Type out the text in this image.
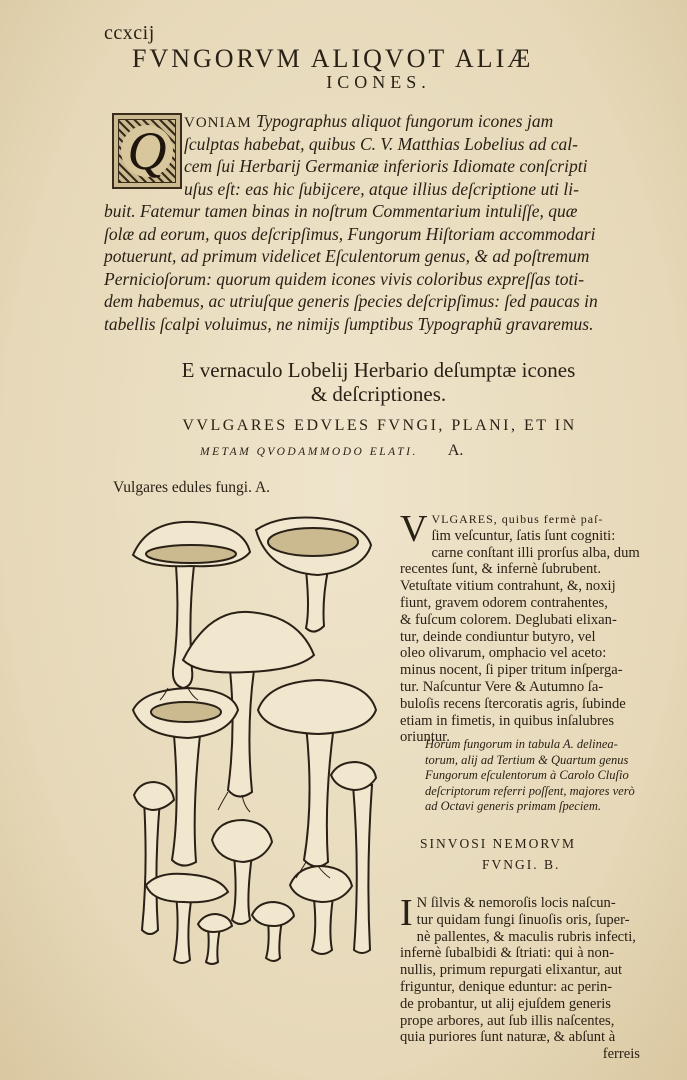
ccxcij
FVNGORVM ALIQVOT ALIÆ
ICONES.
Q	VONIAM Typographus aliquot fungorum icones jam
ſculptas habebat, quibus C. V. Matthias Lobelius ad cal-
cem ſui Herbarij Germaniæ inferioris Idiomate conſcripti
uſus eſt: eas hic ſubijcere, atque illius deſcriptione uti li-
buit. Fatemur tamen binas in noſtrum Commentarium intuliſſe, quæ
ſolæ ad eorum, quos deſcripſimus, Fungorum Hiſtoriam accommodari
potuerunt, ad primum videlicet Eſculentorum genus, & ad poſtremum
Pernicioſorum: quorum quidem icones vivis coloribus expreſſas toti-
dem habemus, ac utriuſque generis ſpecies deſcripſimus: ſed paucas in
tabellis ſcalpi voluimus, ne nimijs ſumptibus Typographũ gravaremus.
E vernaculo Lobelij Herbario deſumptæ icones
& deſcriptiones.
VVLGARES EDVLES FVNGI, PLANI, ET IN
METAM QVODAMMODO ELATI. A.
Vulgares edules fungi. A.
V VLGARES, quibus fermè paſ-
ſim veſcuntur, ſatis ſunt cogniti:
carne conſtant illi prorſus alba, dum
recentes ſunt, & infernè ſubrubent.
Vetuſtate vitium contrahunt, &, noxij
fiunt, gravem odorem contrahentes,
& fuſcum colorem. Deglubati elixan-
tur, deinde condiuntur butyro, vel
oleo olivarum, omphacio vel aceto:
minus nocent, ſi piper tritum inſperga-
tur. Naſcuntur Vere & Autumno ſa-
buloſis recens ſtercoratis agris, ſubinde
etiam in fimetis, in quibus inſalubres
oriuntur.
Horum fungorum in tabula A. delinea-
torum, alij ad Tertium & Quartum genus
Fungorum eſculentorum à Carolo Cluſio
deſcriptorum referri poſſent, majores verò
ad Octavi generis primam ſpeciem.
SINVOSI NEMORVM
FVNGI. B.
I N ſilvis & nemoroſis locis naſcun-
tur quidam fungi ſinuoſis oris, ſuper-
nè pallentes, & maculis rubris infecti,
infernè ſubalbidi & ſtriati: qui à non-
nullis, primum repurgati elixantur, aut
friguntur, denique eduntur: ac perin-
de probantur, ut alij ejuſdem generis
prope arbores, aut ſub illis naſcentes,
quia puriores ſunt naturæ, & abſunt à
ferreis
